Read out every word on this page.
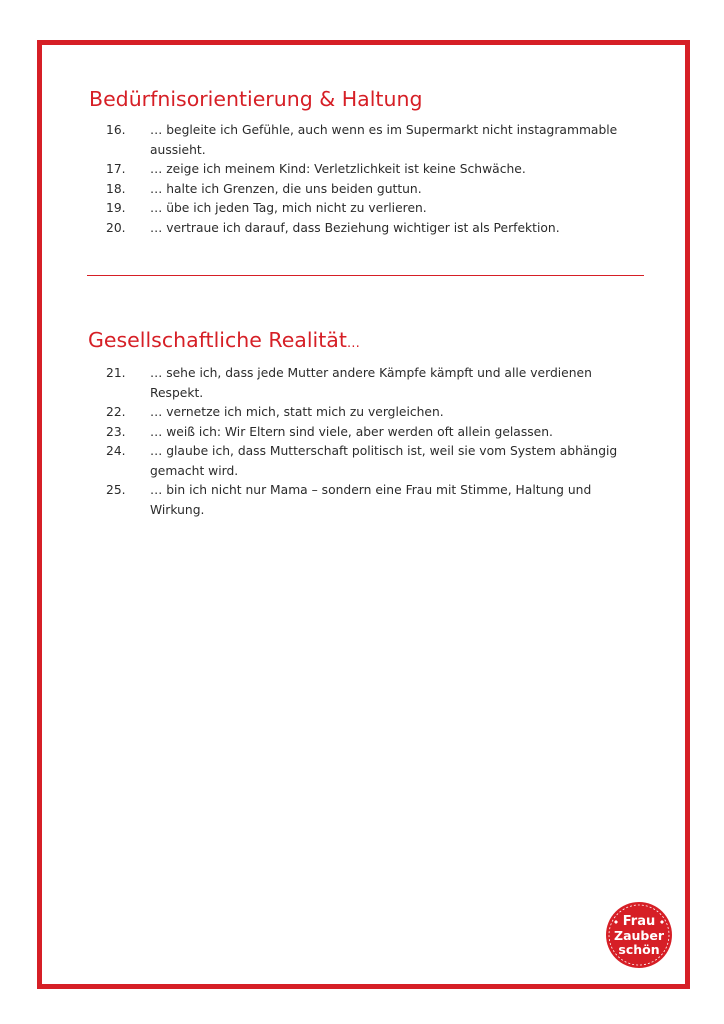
Bedürfnisorientierung & Haltung
16.	… begleite ich Gefühle, auch wenn es im Supermarkt nicht instagrammable aussieht.
17.	… zeige ich meinem Kind: Verletzlichkeit ist keine Schwäche.
18.	… halte ich Grenzen, die uns beiden guttun.
19.	… übe ich jeden Tag, mich nicht zu verlieren.
20.	… vertraue ich darauf, dass Beziehung wichtiger ist als Perfektion.
Gesellschaftliche Realität…
21.	… sehe ich, dass jede Mutter andere Kämpfe kämpft und alle verdienen Respekt.
22.	… vernetze ich mich, statt mich zu vergleichen.
23.	… weiß ich: Wir Eltern sind viele, aber werden oft allein gelassen.
24.	… glaube ich, dass Mutterschaft politisch ist, weil sie vom System abhängig gemacht wird.
25.	… bin ich nicht nur Mama – sondern eine Frau mit Stimme, Haltung und Wirkung.
Frau
Zauber
schön
